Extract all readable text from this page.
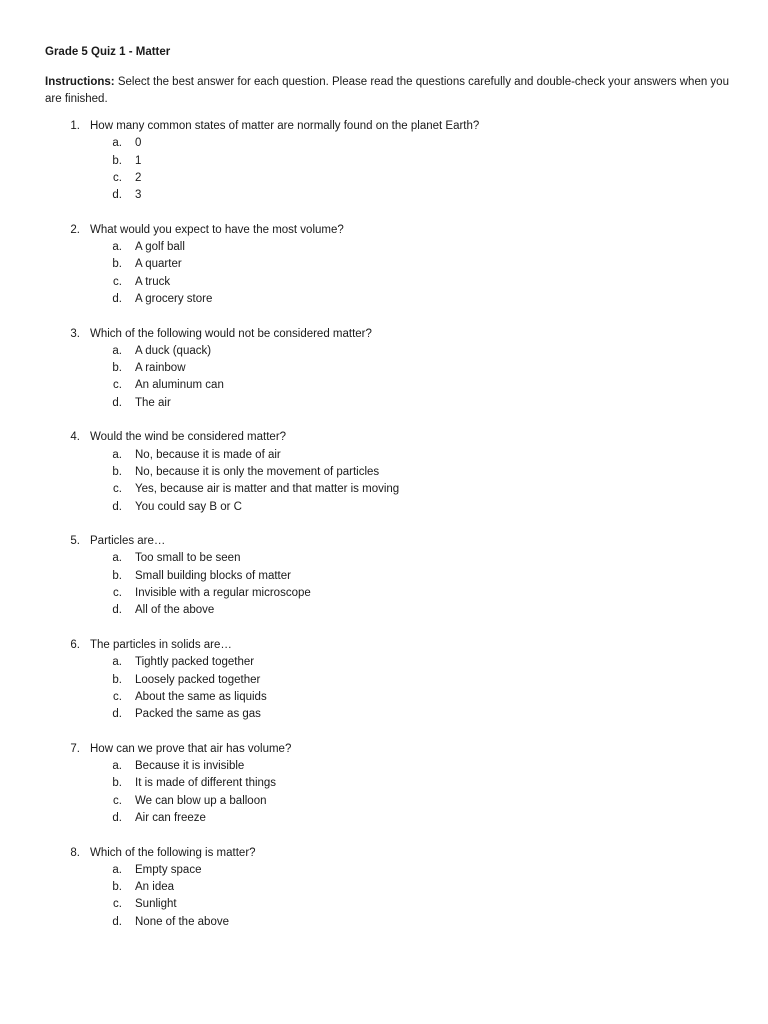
Grade 5 Quiz 1 - Matter
Instructions: Select the best answer for each question. Please read the questions carefully and double-check your answers when you are finished.
1. How many common states of matter are normally found on the planet Earth?
a. 0
b. 1
c. 2
d. 3
2. What would you expect to have the most volume?
a. A golf ball
b. A quarter
c. A truck
d. A grocery store
3. Which of the following would not be considered matter?
a. A duck (quack)
b. A rainbow
c. An aluminum can
d. The air
4. Would the wind be considered matter?
a. No, because it is made of air
b. No, because it is only the movement of particles
c. Yes, because air is matter and that matter is moving
d. You could say B or C
5. Particles are…
a. Too small to be seen
b. Small building blocks of matter
c. Invisible with a regular microscope
d. All of the above
6. The particles in solids are…
a. Tightly packed together
b. Loosely packed together
c. About the same as liquids
d. Packed the same as gas
7. How can we prove that air has volume?
a. Because it is invisible
b. It is made of different things
c. We can blow up a balloon
d. Air can freeze
8. Which of the following is matter?
a. Empty space
b. An idea
c. Sunlight
d. None of the above
